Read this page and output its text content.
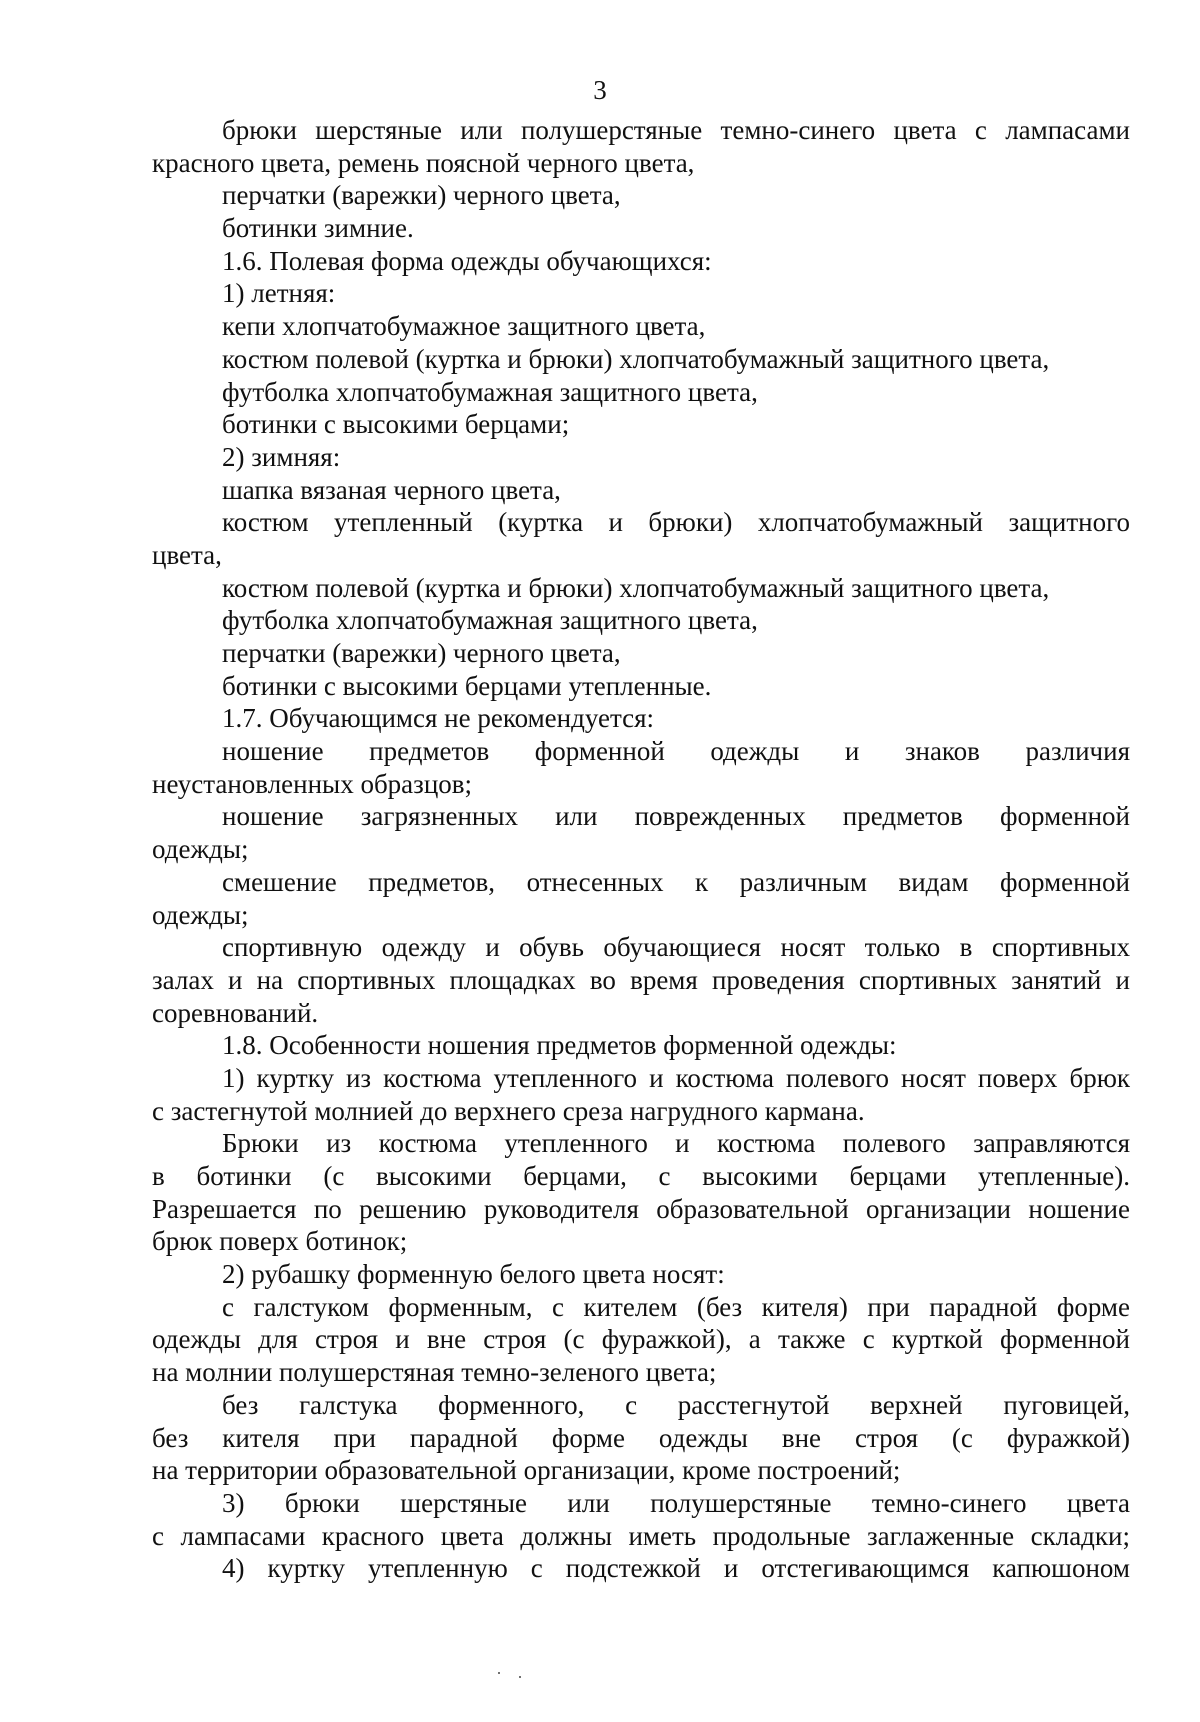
3
брюки шерстяные или полушерстяные темно-синего цвета с лампасами
красного цвета, ремень поясной черного цвета,
перчатки (варежки) черного цвета,
ботинки зимние.
1.6. Полевая форма одежды обучающихся:
1) летняя:
кепи хлопчатобумажное защитного цвета,
костюм полевой (куртка и брюки) хлопчатобумажный защитного цвета,
футболка хлопчатобумажная защитного цвета,
ботинки с высокими берцами;
2) зимняя:
шапка вязаная черного цвета,
костюм утепленный (куртка и брюки) хлопчатобумажный защитного
цвета,
костюм полевой (куртка и брюки) хлопчатобумажный защитного цвета,
футболка хлопчатобумажная защитного цвета,
перчатки (варежки) черного цвета,
ботинки с высокими берцами утепленные.
1.7. Обучающимся не рекомендуется:
ношение предметов форменной одежды и знаков различия
неустановленных образцов;
ношение загрязненных или поврежденных предметов форменной
одежды;
смешение предметов, отнесенных к различным видам форменной
одежды;
спортивную одежду и обувь обучающиеся носят только в спортивных
залах и на спортивных площадках во время проведения спортивных занятий и
соревнований.
1.8. Особенности ношения предметов форменной одежды:
1) куртку из костюма утепленного и костюма полевого носят поверх брюк
с застегнутой молнией до верхнего среза нагрудного кармана.
Брюки из костюма утепленного и костюма полевого заправляются
в ботинки (с высокими берцами, с высокими берцами утепленные).
Разрешается по решению руководителя образовательной организации ношение
брюк поверх ботинок;
2) рубашку форменную белого цвета носят:
с галстуком форменным, с кителем (без кителя) при парадной форме
одежды для строя и вне строя (с фуражкой), а также с курткой форменной
на молнии полушерстяная темно-зеленого цвета;
без галстука форменного, с расстегнутой верхней пуговицей,
без кителя при парадной форме одежды вне строя (с фуражкой)
на территории образовательной организации, кроме построений;
3) брюки шерстяные или полушерстяные темно-синего цвета
с лампасами красного цвета должны иметь продольные заглаженные складки;
4) куртку утепленную с подстежкой и отстегивающимся капюшоном
